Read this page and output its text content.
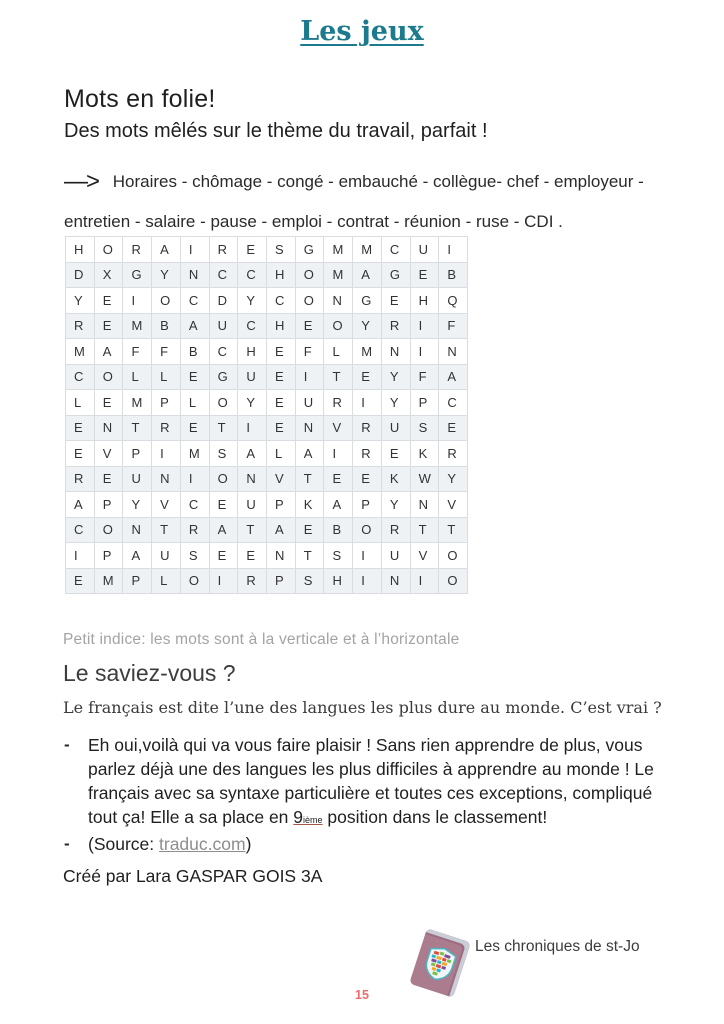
Les jeux
Mots en folie!
Des mots mêlés sur le thème du travail, parfait !
—> Horaires - chômage - congé - embauché - collègue- chef - employeur -
entretien - salaire - pause - emploi - contrat - réunion - ruse - CDI .
H	O	R	A	I	R	E	S	G	M	M	C	U	I
D	X	G	Y	N	C	C	H	O	M	A	G	E	B
Y	E	I	O	C	D	Y	C	O	N	G	E	H	Q
R	E	M	B	A	U	C	H	E	O	Y	R	I	F
M	A	F	F	B	C	H	E	F	L	M	N	I	N
C	O	L	L	E	G	U	E	I	T	E	Y	F	A
L	E	M	P	L	O	Y	E	U	R	I	Y	P	C
E	N	T	R	E	T	I	E	N	V	R	U	S	E
E	V	P	I	M	S	A	L	A	I	R	E	K	R
R	E	U	N	I	O	N	V	T	E	E	K	W	Y
A	P	Y	V	C	E	U	P	K	A	P	Y	N	V
C	O	N	T	R	A	T	A	E	B	O	R	T	T
I	P	A	U	S	E	E	N	T	S	I	U	V	O
E	M	P	L	O	I	R	P	S	H	I	N	I	O
Petit indice: les mots sont à la verticale et à l’horizontale
Le saviez-vous ?
Le français est dite l’une des langues les plus dure au monde. C’est vrai ?
-	Eh oui,voilà qui va vous faire plaisir ! Sans rien apprendre de plus, vous parlez déjà une des langues les plus difficiles à apprendre au monde ! Le français avec sa syntaxe particulière et toutes ces exceptions, compliqué tout ça! Elle a sa place en 9ième position dans le classement!
-	(Source: traduc.com)
Créé par Lara GASPAR GOIS 3A
Les chroniques de st-Jo
15
